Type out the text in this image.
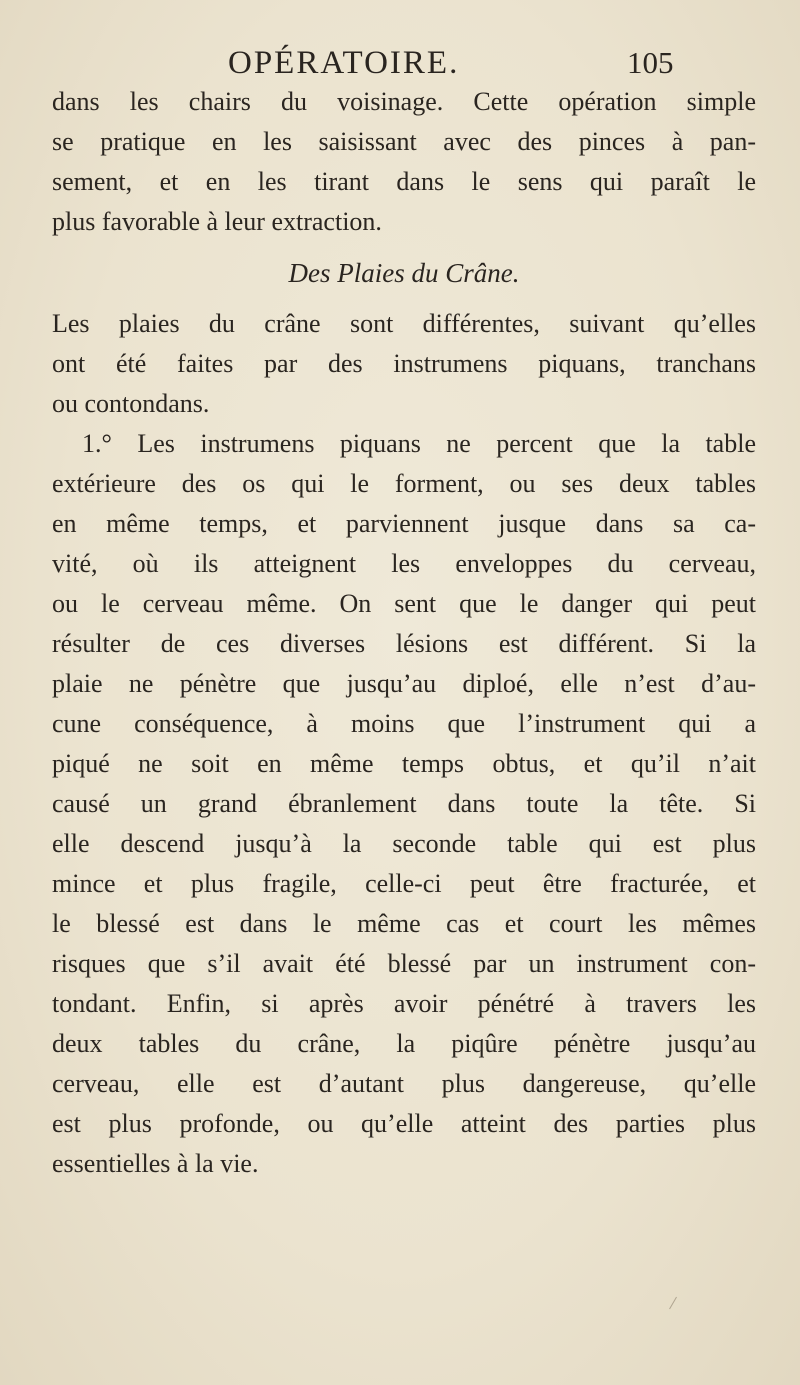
OPÉRATOIRE.	105
dans les chairs du voisinage. Cette opération simple
se pratique en les saisissant avec des pinces à pan-
sement, et en les tirant dans le sens qui paraît le
plus favorable à leur extraction.
Des Plaies du Crâne.
Les plaies du crâne sont différentes, suivant qu’elles
ont été faites par des instrumens piquans, tranchans
ou contondans.
1.° Les instrumens piquans ne percent que la table
extérieure des os qui le forment, ou ses deux tables
en même temps, et parviennent jusque dans sa ca-
vité, où ils atteignent les enveloppes du cerveau,
ou le cerveau même. On sent que le danger qui peut
résulter de ces diverses lésions est différent. Si la
plaie ne pénètre que jusqu’au diploé, elle n’est d’au-
cune conséquence, à moins que l’instrument qui a
piqué ne soit en même temps obtus, et qu’il n’ait
causé un grand ébranlement dans toute la tête. Si
elle descend jusqu’à la seconde table qui est plus
mince et plus fragile, celle-ci peut être fracturée, et
le blessé est dans le même cas et court les mêmes
risques que s’il avait été blessé par un instrument con-
tondant. Enfin, si après avoir pénétré à travers les
deux tables du crâne, la piqûre pénètre jusqu’au
cerveau, elle est d’autant plus dangereuse, qu’elle
est plus profonde, ou qu’elle atteint des parties plus
essentielles à la vie.
